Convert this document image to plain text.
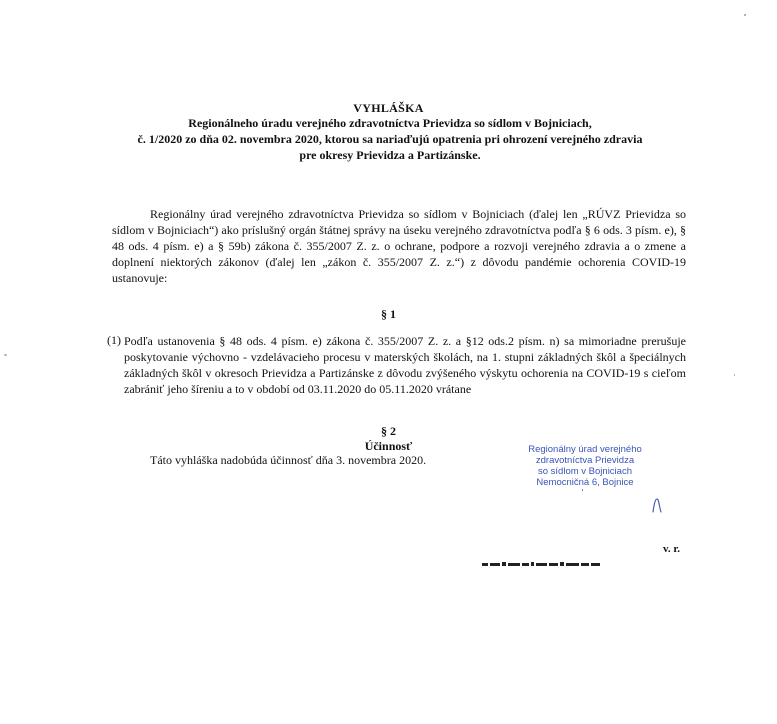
VYHLÁŠKA
Regionálneho úradu verejného zdravotníctva Prievidza so sídlom v Bojniciach,
č. 1/2020 zo dňa 02. novembra 2020, ktorou sa nariaďujú opatrenia pri ohrození verejného zdravia
pre okresy Prievidza a Partizánske.
Regionálny úrad verejného zdravotníctva Prievidza so sídlom v Bojniciach (ďalej len „RÚVZ Prievidza so sídlom v Bojniciach“) ako príslušný orgán štátnej správy na úseku verejného zdravotníctva podľa § 6 ods. 3 písm. e), § 48 ods. 4 písm. e) a § 59b) zákona č. 355/2007 Z. z. o ochrane, podpore a rozvoji verejného zdravia a o zmene a doplnení niektorých zákonov (ďalej len „zákon č. 355/2007 Z. z.“) z dôvodu pandémie ochorenia COVID-19 ustanovuje:
§ 1
(1) Podľa ustanovenia § 48 ods. 4 písm. e) zákona č. 355/2007 Z. z. a §12 ods.2 písm. n) sa mimoriadne prerušuje poskytovanie výchovno - vzdelávacieho procesu v materských školách, na 1. stupni základných škôl a špeciálnych základných škôl v okresoch Prievidza a Partizánske z dôvodu zvýšeného výskytu ochorenia na COVID-19 s cieľom zabrániť jeho šíreniu a to v období od 03.11.2020 do 05.11.2020 vrátane
§ 2
Účinnosť
Táto vyhláška nadobúda účinnosť dňa 3. novembra 2020.
Regionálny úrad verejného
zdravotníctva Prievidza
so sídlom v Bojniciach
Nemocničná 6, Bojnice
v. r.
